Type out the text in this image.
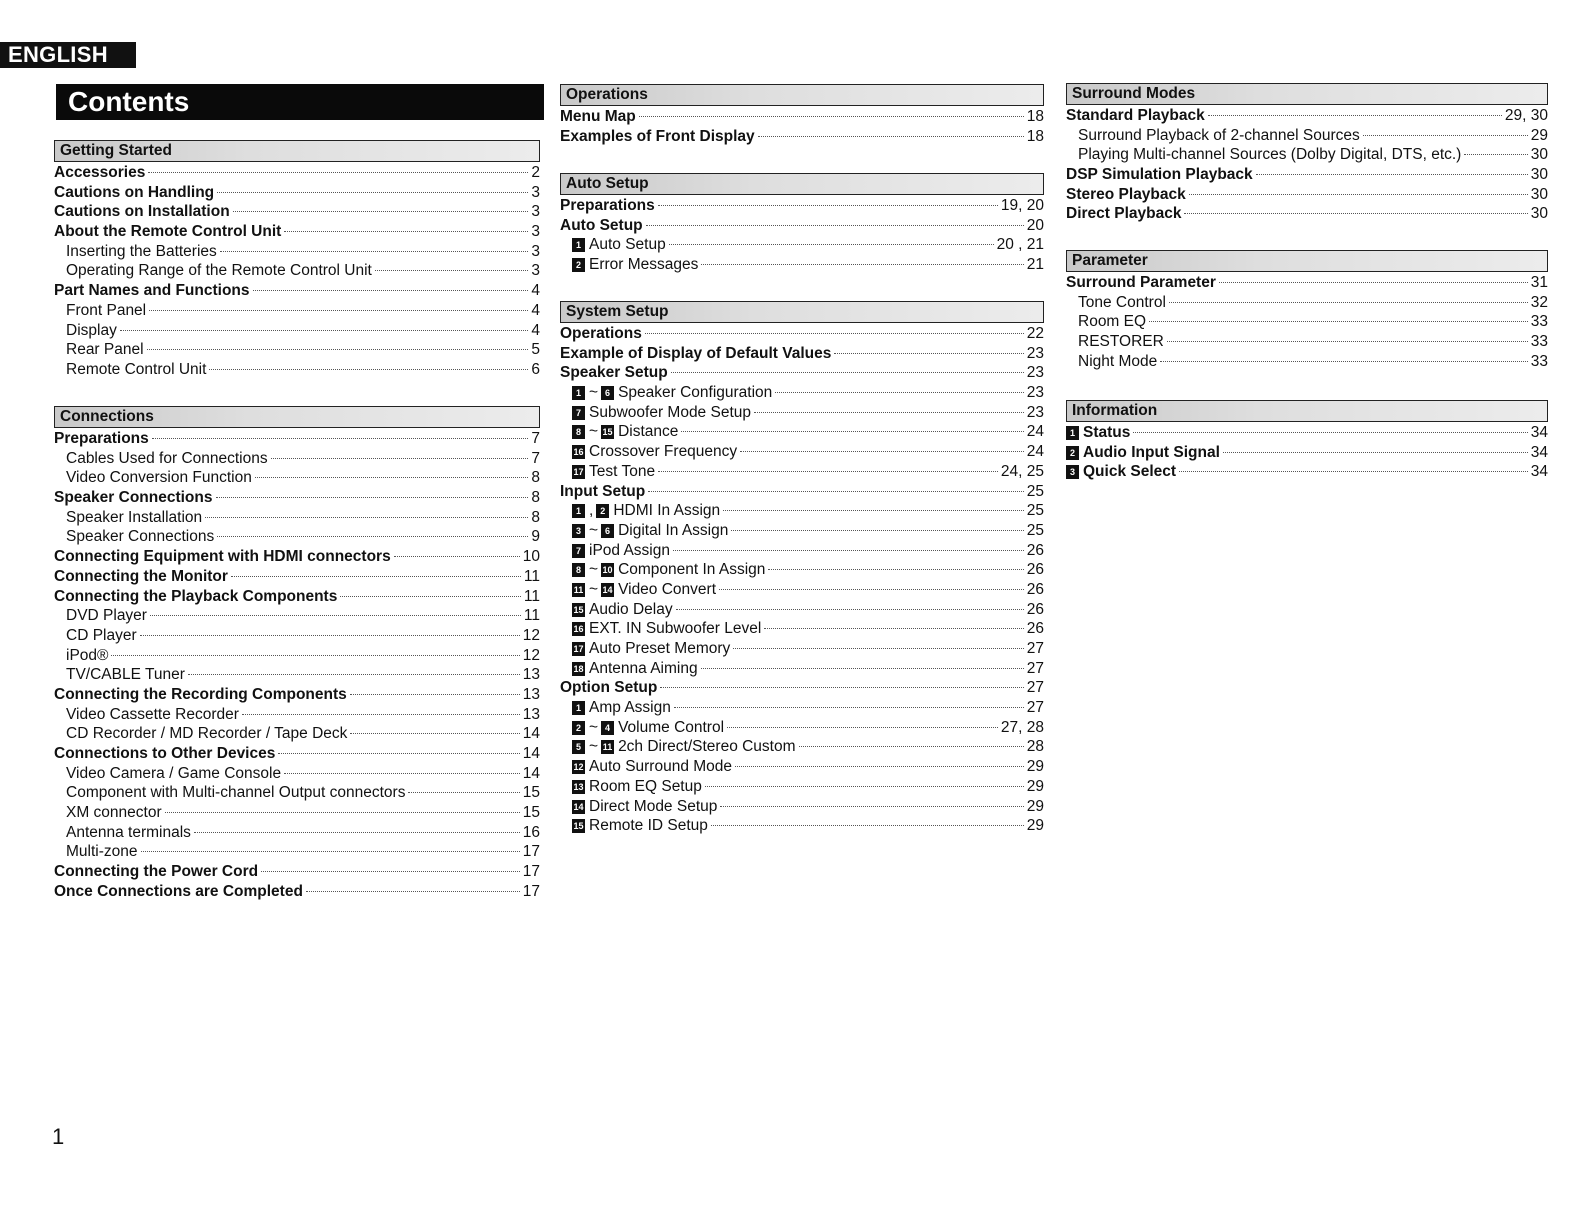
ENGLISH
Contents
Getting Started
Accessories	2
Cautions on Handling	3
Cautions on Installation	3
About the Remote Control Unit	3
Inserting the Batteries	3
Operating Range of the Remote Control Unit	3
Part Names and Functions	4
Front Panel	4
Display	4
Rear Panel	5
Remote Control Unit	6
Connections
Preparations	7
Cables Used for Connections	7
Video Conversion Function	8
Speaker Connections	8
Speaker Installation	8
Speaker Connections	9
Connecting Equipment with HDMI connectors	10
Connecting the Monitor	11
Connecting the Playback Components	11
DVD Player	11
CD Player	12
iPod®	12
TV/CABLE Tuner	13
Connecting the Recording Components	13
Video Cassette Recorder	13
CD Recorder / MD Recorder / Tape Deck	14
Connections to Other Devices	14
Video Camera / Game Console	14
Component with Multi-channel Output connectors	15
XM connector	15
Antenna terminals	16
Multi-zone	17
Connecting the Power Cord	17
Once Connections are Completed	17
Operations
Menu Map	18
Examples of Front Display	18
Auto Setup
Preparations	19, 20
Auto Setup	20
1 Auto Setup	20 , 21
2 Error Messages	21
System Setup
Operations	22
Example of Display of Default Values	23
Speaker Setup	23
1 ~ 6 Speaker Configuration	23
7 Subwoofer Mode Setup	23
8 ~ 15 Distance	24
16 Crossover Frequency	24
17 Test Tone	24, 25
Input Setup	25
1 , 2 HDMI In Assign	25
3 ~ 6 Digital In Assign	25
7 iPod Assign	26
8 ~ 10 Component In Assign	26
11 ~ 14 Video Convert	26
15 Audio Delay	26
16 EXT. IN Subwoofer Level	26
17 Auto Preset Memory	27
18 Antenna Aiming	27
Option Setup	27
1 Amp Assign	27
2 ~ 4 Volume Control	27, 28
5 ~ 11 2ch Direct/Stereo Custom	28
12 Auto Surround Mode	29
13 Room EQ Setup	29
14 Direct Mode Setup	29
15 Remote ID Setup	29
Surround Modes
Standard Playback	29, 30
Surround Playback of 2-channel Sources	29
Playing Multi-channel Sources (Dolby Digital, DTS, etc.)	30
DSP Simulation Playback	30
Stereo Playback	30
Direct Playback	30
Parameter
Surround Parameter	31
Tone Control	32
Room EQ	33
RESTORER	33
Night Mode	33
Information
1 Status	34
2 Audio Input Signal	34
3 Quick Select	34
1
